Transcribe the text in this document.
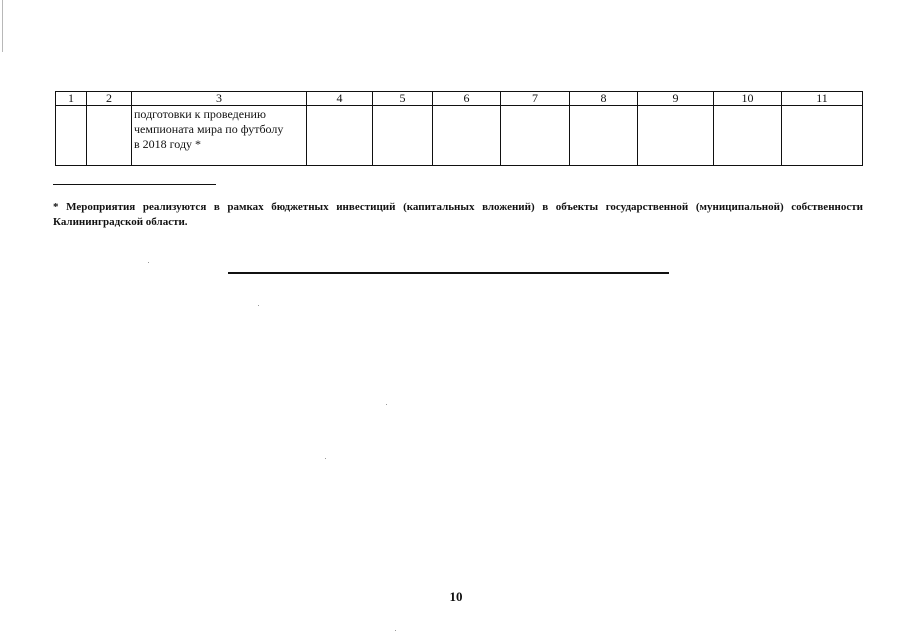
1	2	3	4	5	6	7	8	9	10	11

		подготовки к проведению
чемпионата мира по футболу
в 2018 году *								

* Мероприятия реализуются в рамках бюджетных инвестиций (капитальных вложений) в объекты государственной (муниципальной) собственности Калининградской области.
10
